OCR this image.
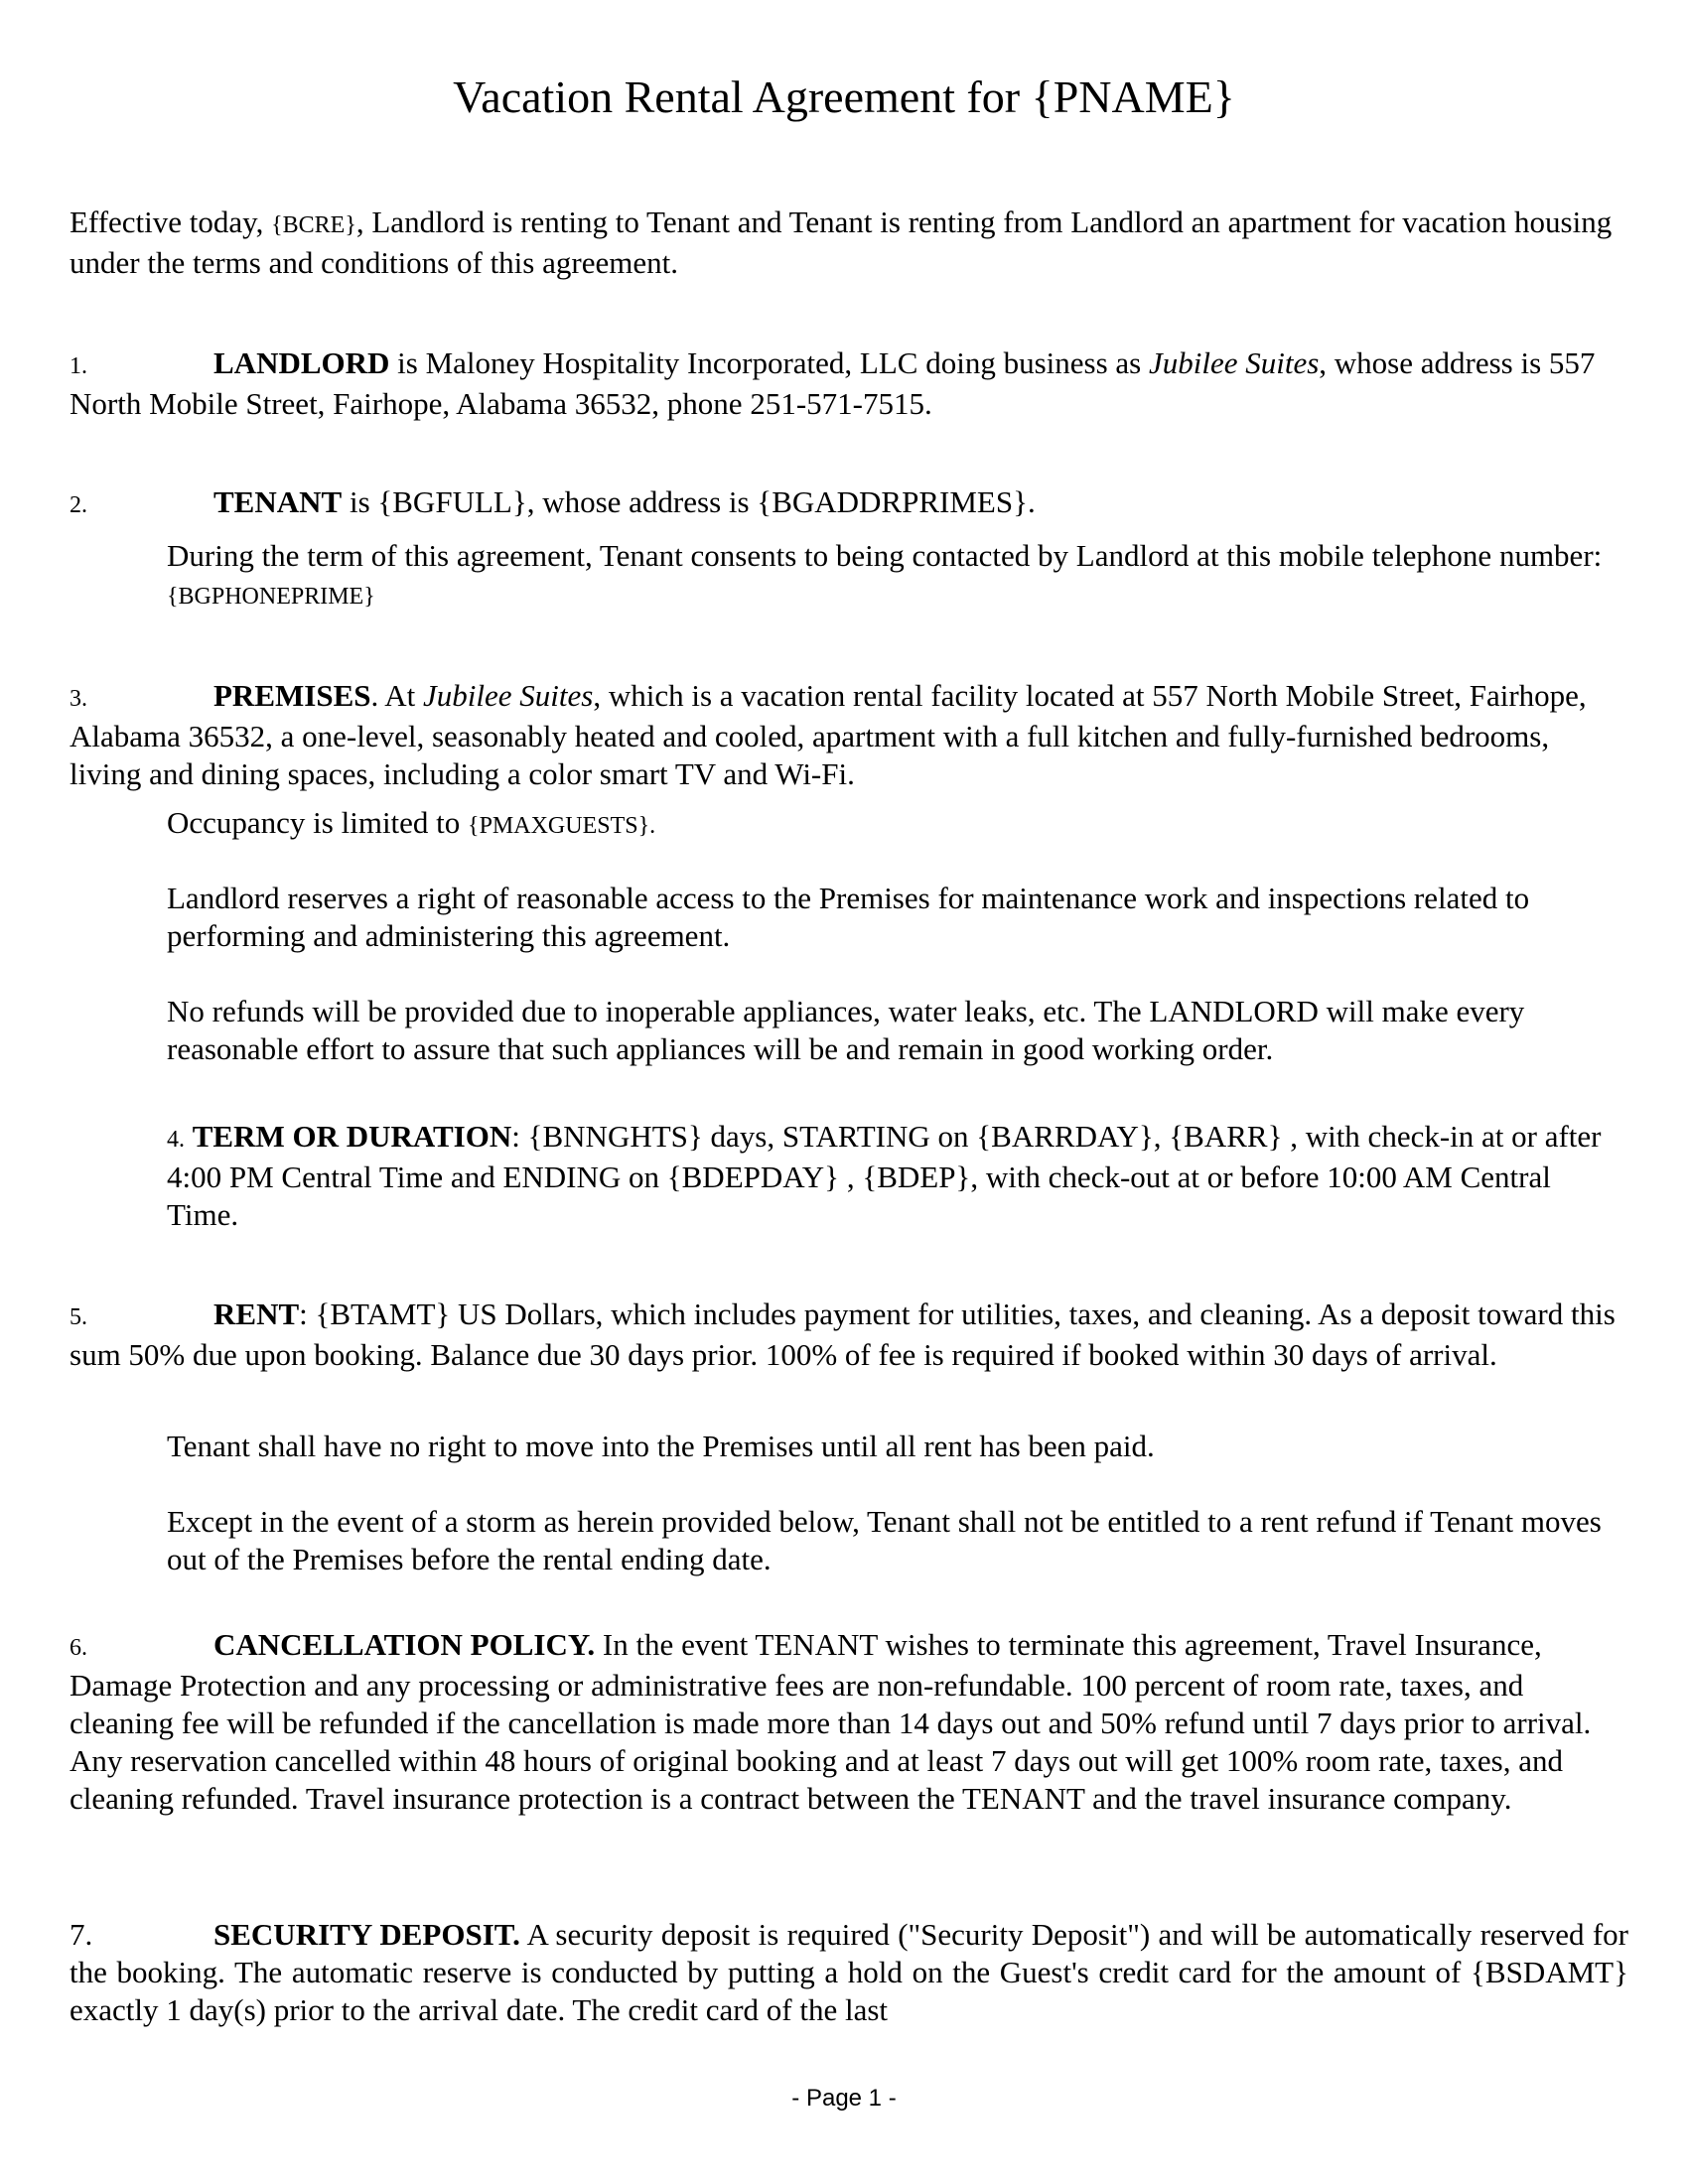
Vacation Rental Agreement for {PNAME}

Effective today, {BCRE}, Landlord is renting to Tenant and Tenant is renting from Landlord an apartment for vacation housing under the terms and conditions of this agreement.

1.	LANDLORD is Maloney Hospitality Incorporated, LLC doing business as Jubilee Suites, whose address is 557 North Mobile Street, Fairhope, Alabama 36532, phone 251-571-7515.

2.	TENANT is {BGFULL}, whose address is {BGADDRPRIMES}.

During the term of this agreement, Tenant consents to being contacted by Landlord at this mobile telephone number: {BGPHONEPRIME}

3.	PREMISES. At Jubilee Suites, which is a vacation rental facility located at 557 North Mobile Street, Fairhope, Alabama 36532, a one-level, seasonably heated and cooled, apartment with a full kitchen and fully-furnished bedrooms, living and dining spaces, including a color smart TV and Wi-Fi.

Occupancy is limited to {PMAXGUESTS}.

Landlord reserves a right of reasonable access to the Premises for maintenance work and inspections related to performing and administering this agreement.

No refunds will be provided due to inoperable appliances, water leaks, etc. The LANDLORD will make every reasonable effort to assure that such appliances will be and remain in good working order.

4. TERM OR DURATION: {BNNGHTS} days, STARTING on {BARRDAY}, {BARR} , with check-in at or after 4:00 PM Central Time and ENDING on {BDEPDAY} , {BDEP}, with check-out at or before 10:00 AM Central Time.

5.	RENT: {BTAMT} US Dollars, which includes payment for utilities, taxes, and cleaning. As a deposit toward this sum 50% due upon booking. Balance due 30 days prior. 100% of fee is required if booked within 30 days of arrival.

Tenant shall have no right to move into the Premises until all rent has been paid.

Except in the event of a storm as herein provided below, Tenant shall not be entitled to a rent refund if Tenant moves out of the Premises before the rental ending date.

6.	CANCELLATION POLICY. In the event TENANT wishes to terminate this agreement, Travel Insurance, Damage Protection and any processing or administrative fees are non-refundable. 100 percent of room rate, taxes, and cleaning fee will be refunded if the cancellation is made more than 14 days out and 50% refund until 7 days prior to arrival. Any reservation cancelled within 48 hours of original booking and at least 7 days out will get 100% room rate, taxes, and cleaning refunded. Travel insurance protection is a contract between the TENANT and the travel insurance company.

7.	SECURITY DEPOSIT. A security deposit is required ("Security Deposit") and will be automatically reserved for the booking. The automatic reserve is conducted by putting a hold on the Guest's credit card for the amount of {BSDAMT} exactly 1 day(s) prior to the arrival date. The credit card of the last

- Page 1 -
